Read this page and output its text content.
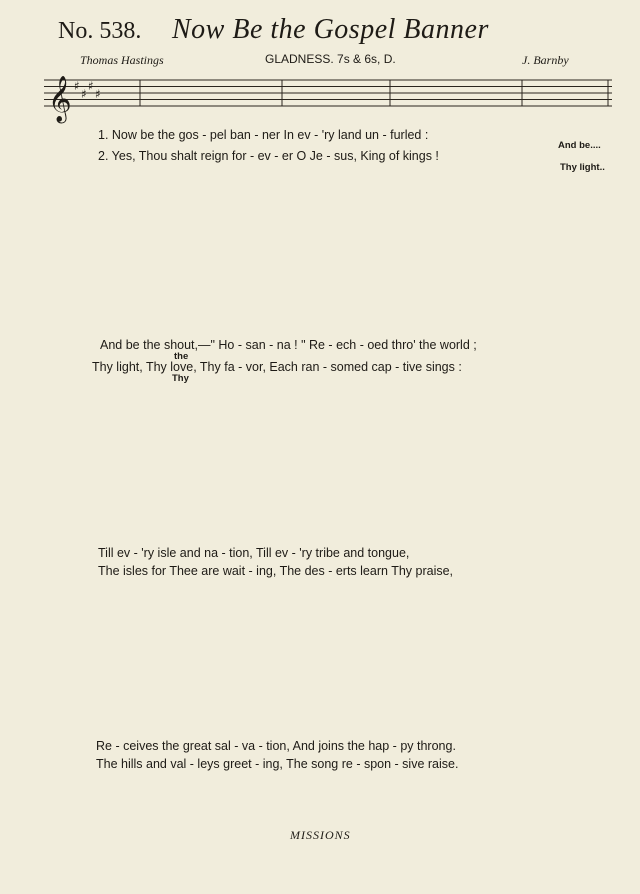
No. 538. Now Be the Gospel Banner
Thomas Hastings	GLADNESS. 7s & 6s, D.	J. Barnby
𝄞 ♯
♯
♯
♯
1. Now be the gos - pel ban - ner In ev - 'ry land un - furled :
And be....
2. Yes, Thou shalt reign for - ev - er O Je - sus, King of kings !
Thy light..
And be the shout,—" Ho - san - na ! " Re - ech - oed thro' the world ;
the
Thy light, Thy love, Thy fa - vor, Each ran - somed cap - tive sings :
Thy
Till ev - 'ry isle and na - tion, Till ev - 'ry tribe and tongue,
The isles for Thee are wait - ing, The des - erts learn Thy praise,
Re - ceives the great sal - va - tion, And joins the hap - py throng.
The hills and val - leys greet - ing, The song re - spon - sive raise.
MISSIONS
